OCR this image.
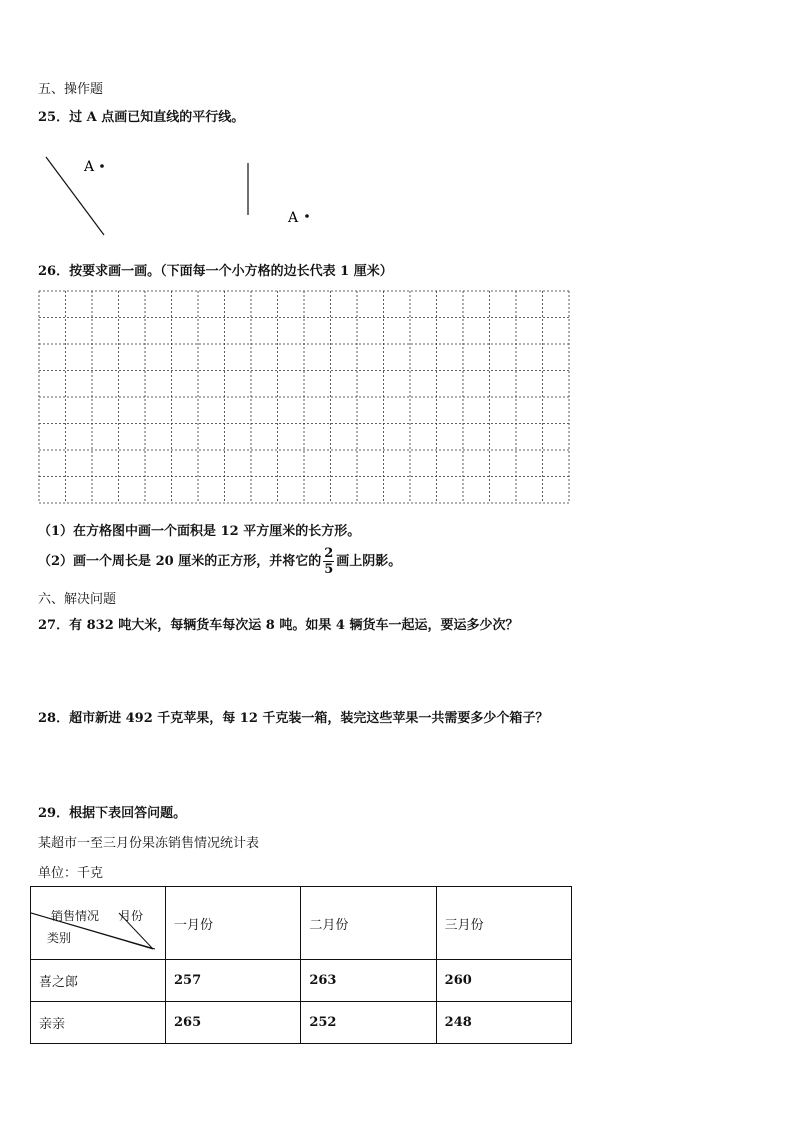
五、操作题
25．过 A 点画已知直线的平行线。
A
A
26．按要求画一画。（下面每一个小方格的边长代表 1 厘米）
（1）在方格图中画一个面积是 12 平方厘米的长方形。
（2）画一个周长是 20 厘米的正方形，并将它的 $\frac{2}{5}$ 画上阴影。
六、解决问题
27．有 832 吨大米，每辆货车每次运 8 吨。如果 4 辆货车一起运，要运多少次？
28．超市新进 492 千克苹果，每 12 千克装一箱，装完这些苹果一共需要多少个箱子？
29．根据下表回答问题。
某超市一至三月份果冻销售情况统计表
单位：千克
销售情况 月份
类别	一月份	二月份	三月份
喜之郎	257	263	260
亲亲	265	252	248
